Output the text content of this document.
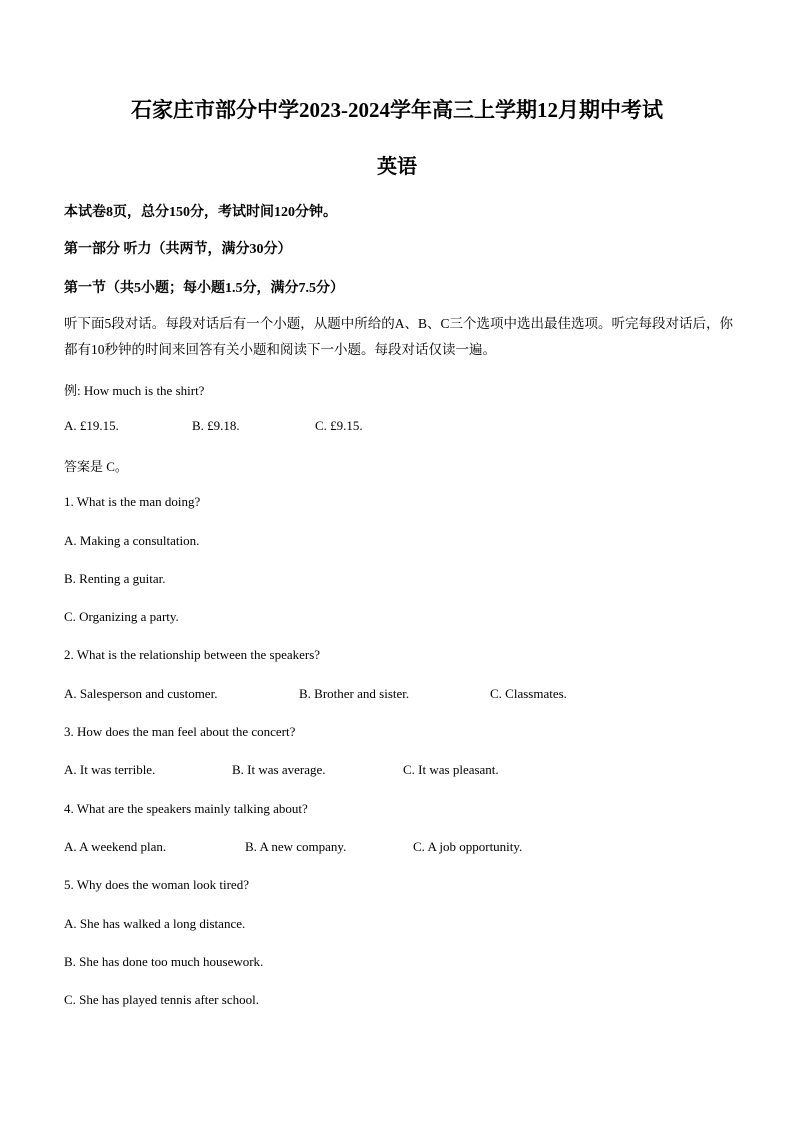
石家庄市部分中学2023-2024学年高三上学期12月期中考试
英语
本试卷8页，总分150分，考试时间120分钟。
第一部分 听力（共两节，满分30分）
第一节（共5小题；每小题1.5分，满分7.5分）
听下面5段对话。每段对话后有一个小题，从题中所给的A、B、C三个选项中选出最佳选项。听完每段对话后，你都有10秒钟的时间来回答有关小题和阅读下一小题。每段对话仅读一遍。
例: How much is the shirt?
A. £19.15.	B. £9.18.	C. £9.15.
答案是 C。
1. What is the man doing?
A. Making a consultation.
B. Renting a guitar.
C. Organizing a party.
2. What is the relationship between the speakers?
A. Salesperson and customer.	B. Brother and sister.	C. Classmates.
3. How does the man feel about the concert?
A. It was terrible.	B. It was average.	C. It was pleasant.
4. What are the speakers mainly talking about?
A. A weekend plan.	B. A new company.	C. A job opportunity.
5. Why does the woman look tired?
A. She has walked a long distance.
B. She has done too much housework.
C. She has played tennis after school.
